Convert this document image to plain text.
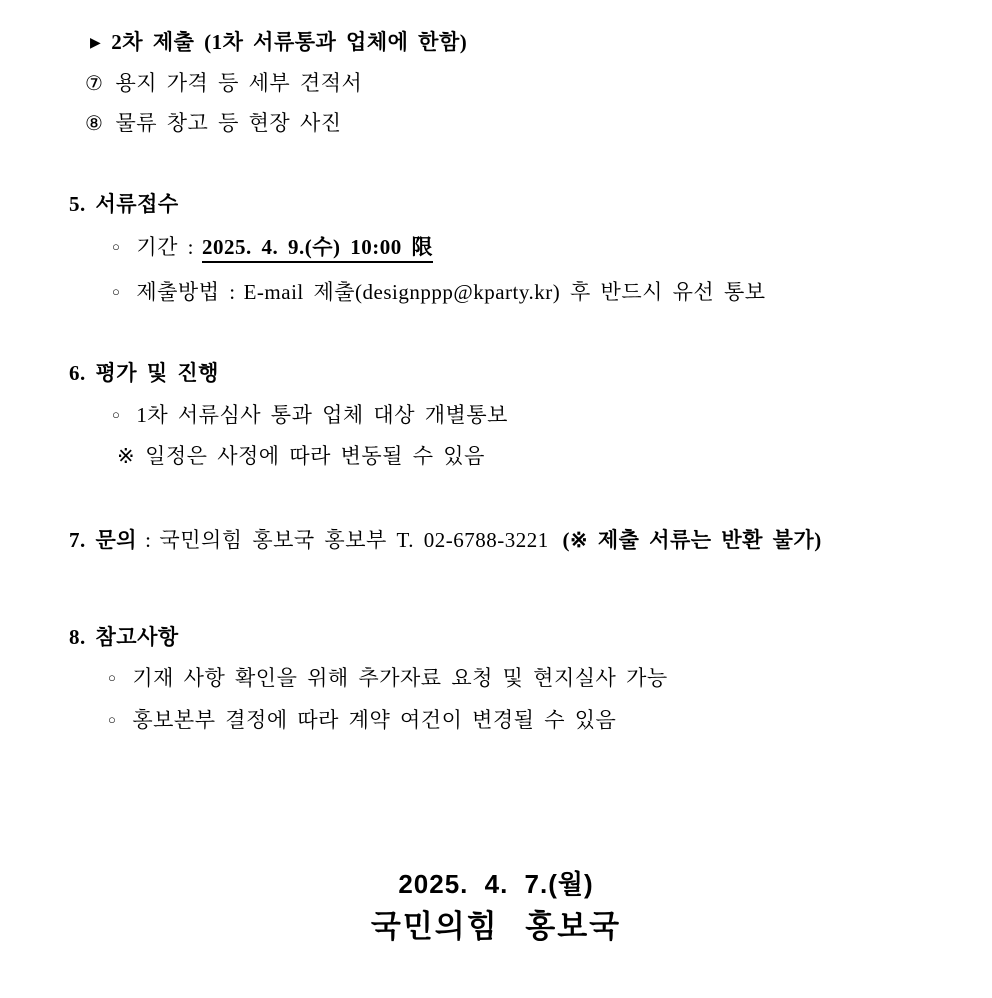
▶ 2차 제출 (1차 서류통과 업체에 한함)
⑦ 용지 가격 등 세부 견적서
⑧ 물류 창고 등 현장 사진
5. 서류접수
○ 기간 : 2025. 4. 9.(수) 10:00 限
○ 제출방법 : E-mail 제출(designppp@kparty.kr) 후 반드시 유선 통보
6. 평가 및 진행
○ 1차 서류심사 통과 업체 대상 개별통보
※ 일정은 사정에 따라 변동될 수 있음
7. 문의 : 국민의힘 홍보국 홍보부 T. 02-6788-3221 (※ 제출 서류는 반환 불가)
8. 참고사항
○ 기재 사항 확인을 위해 추가자료 요청 및 현지실사 가능
○ 홍보본부 결정에 따라 계약 여건이 변경될 수 있음
2025. 4. 7.(월)
국민의힘 홍보국
